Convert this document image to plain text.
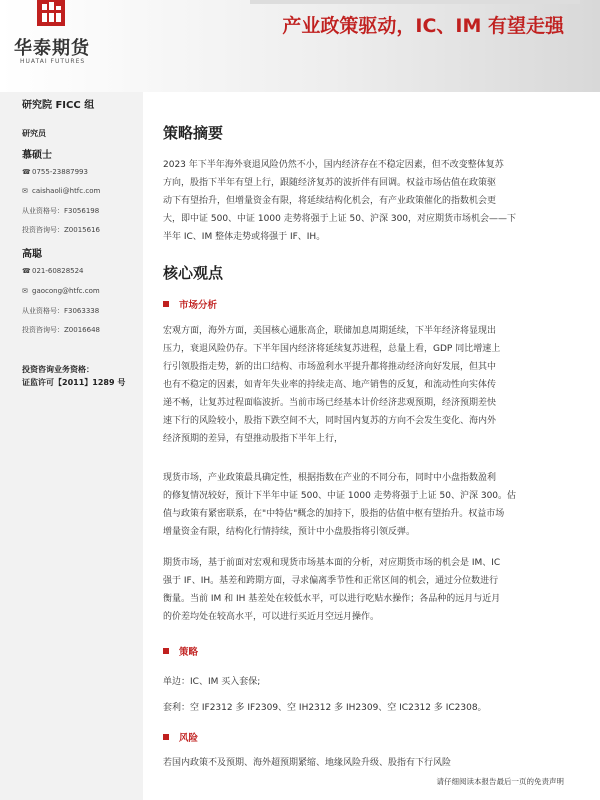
华泰期货
HUATAI FUTURES
产业政策驱动，IC、IM 有望走强
研究院 FICC 组
研究员
慕硕士
☎0755-23887993
✉ caishaoli@htfc.com
从业资格号：F3056198
投资咨询号：Z0015616
高聪
☎021-60828524
✉ gaocong@htfc.com
从业资格号：F3063338
投资咨询号：Z0016648
投资咨询业务资格：
证监许可【2011】1289 号
策略摘要
2023 年下半年海外衰退风险仍然不小，国内经济存在不稳定因素，但不改变整体复苏
方向，股指下半年有望上行，跟随经济复苏的波折伴有回调。权益市场估值在政策驱
动下有望抬升，但增量资金有限，将延续结构化机会，有产业政策催化的指数机会更
大，即中证 500、中证 1000 走势将强于上证 50、沪深 300，对应期货市场机会——下
半年 IC、IM 整体走势或将强于 IF、IH。
核心观点
市场分析
宏观方面，海外方面，美国核心通胀高企，联储加息周期延续，下半年经济将显现出
压力，衰退风险仍存。下半年国内经济将延续复苏进程，总量上看，GDP 同比增速上
行引领股指走势，新的出口结构、市场盈利水平提升都将推动经济向好发展，但其中
也有不稳定的因素，如青年失业率的持续走高、地产销售的反复，和流动性向实体传
递不畅，让复苏过程面临波折。当前市场已经基本计价经济悲观预期，经济预期差快
速下行的风险较小，股指下跌空间不大，同时国内复苏的方向不会发生变化、海内外
经济预期的差异，有望推动股指下半年上行，
现货市场，产业政策最具确定性，根据指数在产业的不同分布，同时中小盘指数盈利
的修复情况较好，预计下半年中证 500、中证 1000 走势将强于上证 50、沪深 300。估
值与政策有紧密联系，在"中特估"概念的加持下，股指的估值中枢有望抬升。权益市场
增量资金有限，结构化行情持续，预计中小盘股指将引领反弹。
期货市场，基于前面对宏观和现货市场基本面的分析，对应期货市场的机会是 IM、IC
强于 IF、IH。基差和跨期方面，寻求偏离季节性和正常区间的机会，通过分位数进行
衡量。当前 IM 和 IH 基差处在较低水平，可以进行吃贴水操作；各品种的远月与近月
的价差均处在较高水平，可以进行买近月空远月操作。
策略
单边：IC、IM 买入套保;
套利：空 IF2312 多 IF2309、空 IH2312 多 IH2309、空 IC2312 多 IC2308。
风险
若国内政策不及预期、海外超预期紧缩、地缘风险升级、股指有下行风险
请仔细阅读本报告最后一页的免责声明
